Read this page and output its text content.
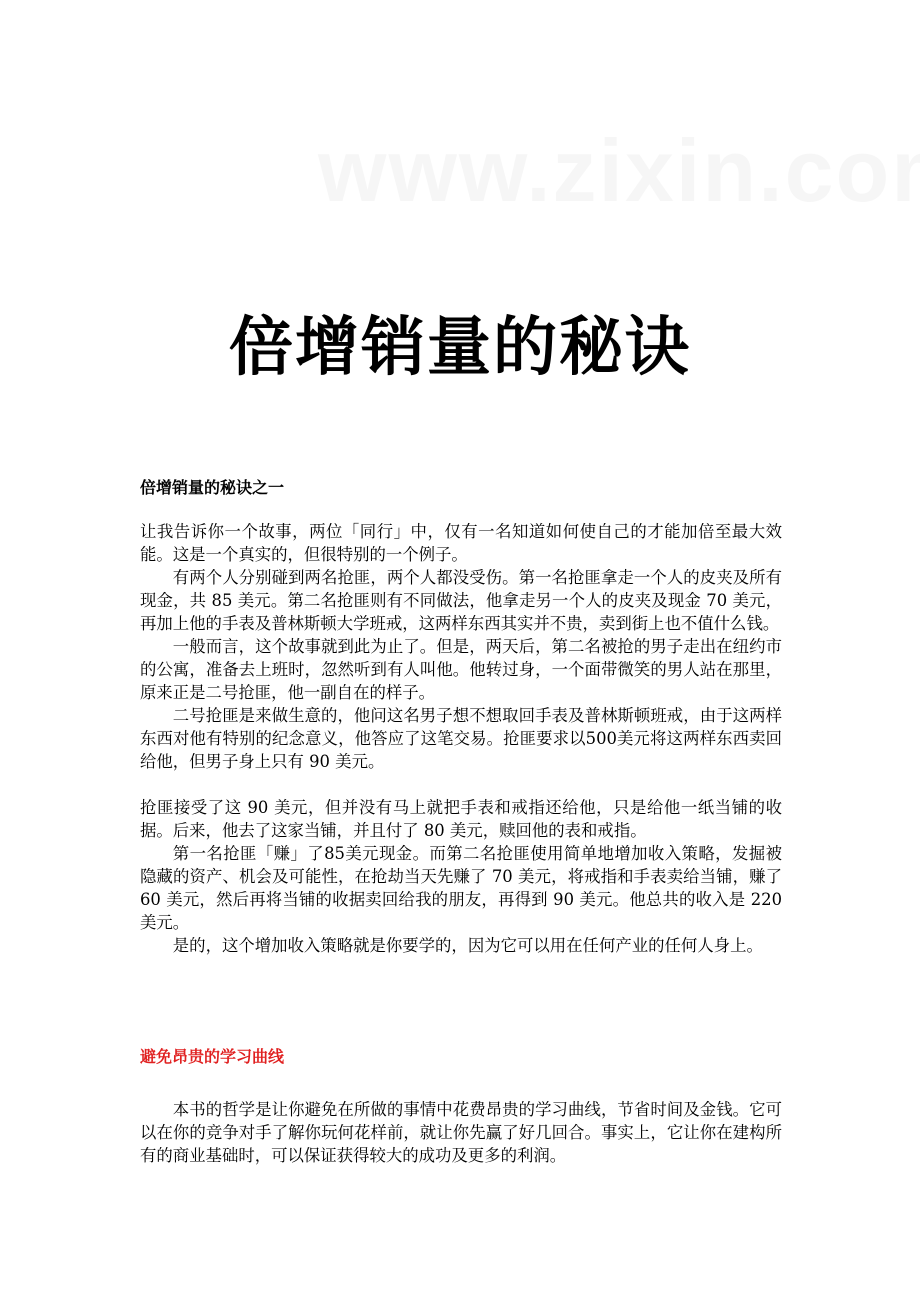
倍增销量的秘诀
倍增销量的秘诀之一

让我告诉你一个故事，两位「同行」中，仅有一名知道如何使自己的才能加倍至最大效能。这是一个真实的，但很特别的一个例子。

有两个人分别碰到两名抢匪，两个人都没受伤。第一名抢匪拿走一个人的皮夹及所有现金，共 85 美元。第二名抢匪则有不同做法，他拿走另一个人的皮夹及现金 70 美元，再加上他的手表及普林斯顿大学班戒，这两样东西其实并不贵，卖到街上也不值什么钱。

一般而言，这个故事就到此为止了。但是，两天后，第二名被抢的男子走出在纽约市的公寓，准备去上班时，忽然听到有人叫他。他转过身，一个面带微笑的男人站在那里，原来正是二号抢匪，他一副自在的样子。

二号抢匪是来做生意的，他问这名男子想不想取回手表及普林斯顿班戒，由于这两样东西对他有特别的纪念意义，他答应了这笔交易。抢匪要求以500美元将这两样东西卖回给他，但男子身上只有 90 美元。

抢匪接受了这 90 美元，但并没有马上就把手表和戒指还给他，只是给他一纸当铺的收据。后来，他去了这家当铺，并且付了 80 美元，赎回他的表和戒指。

第一名抢匪「赚」了85美元现金。而第二名抢匪使用简单地增加收入策略，发掘被隐藏的资产、机会及可能性，在抢劫当天先赚了 70 美元，将戒指和手表卖给当铺，赚了 60 美元，然后再将当铺的收据卖回给我的朋友，再得到 90 美元。他总共的收入是 220 美元。

是的，这个增加收入策略就是你要学的，因为它可以用在任何产业的任何人身上。

避免昂贵的学习曲线

本书的哲学是让你避免在所做的事情中花费昂贵的学习曲线，节省时间及金钱。它可以在你的竞争对手了解你玩何花样前，就让你先赢了好几回合。事实上，它让你在建构所有的商业基础时，可以保证获得较大的成功及更多的利润。
